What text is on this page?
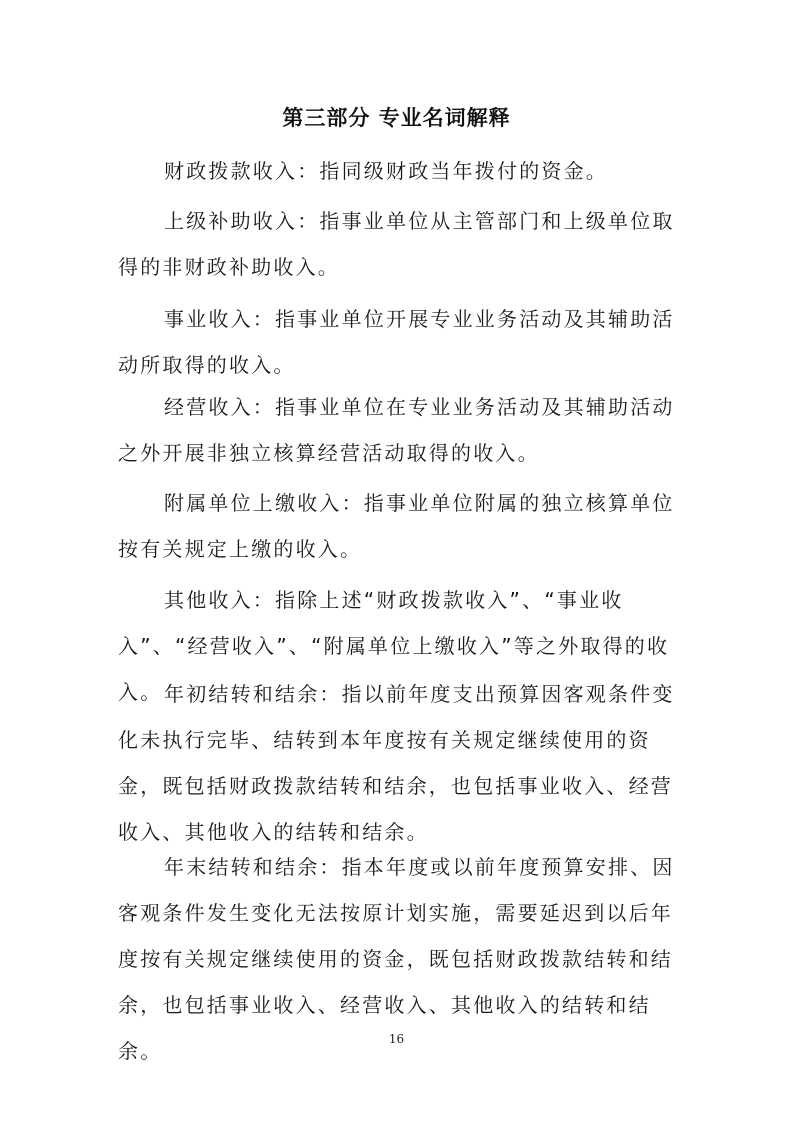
第三部分 专业名词解释

财政拨款收入：指同级财政当年拨付的资金。

上级补助收入：指事业单位从主管部门和上级单位取得的非财政补助收入。

事业收入：指事业单位开展专业业务活动及其辅助活动所取得的收入。

经营收入：指事业单位在专业业务活动及其辅助活动之外开展非独立核算经营活动取得的收入。

附属单位上缴收入：指事业单位附属的独立核算单位按有关规定上缴的收入。

其他收入：指除上述“财政拨款收入”、“事业收入”、“经营收入”、“附属单位上缴收入”等之外取得的收入。 年初结转和结余：指以前年度支出预算因客观条件变化未执行完毕、结转到本年度按有关规定继续使用的资金，既包括财政拨款结转和结余，也包括事业收入、经营收入、其他收入的结转和结余。

年末结转和结余：指本年度或以前年度预算安排、因客观条件发生变化无法按原计划实施，需要延迟到以后年度按有关规定继续使用的资金，既包括财政拨款结转和结余，也包括事业收入、经营收入、其他收入的结转和结余。	16
